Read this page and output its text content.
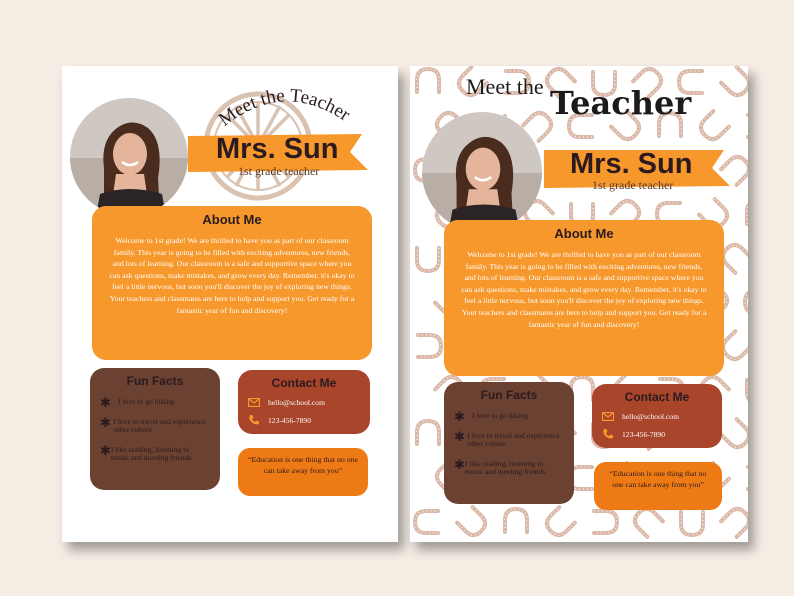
Meet the Teacher
Mrs. Sun
1st grade teacher
About Me

Welcome to 1st grade! We are thrilled to have you as part of our classroom family. This year is going to be filled with exciting adventures, new friends, and lots of learning. Our classroom is a safe and supportive space where you can ask questions, make mistakes, and grow every day. Remember, it's okay to feel a little nervous, but soon you'll discover the joy of exploring new things. Your teachers and classmates are here to help and support you. Get ready for a fantastic year of fun and discovery!

Fun Facts
✱ I love to go hiking
✱ I love to travel and experience other culture
✱ I like reading, listening to music and meeting friends
Contact Me
hello@school.com
123-456-7890
“Education is one thing that no one can take away from you”
Meet the Teacher
Mrs. Sun
1st grade teacher
About Me

Welcome to 1st grade! We are thrilled to have you as part of our classroom family. This year is going to be filled with exciting adventures, new friends, and lots of learning. Our classroom is a safe and supportive space where you can ask questions, make mistakes, and grow every day. Remember, it's okay to feel a little nervous, but soon you'll discover the joy of exploring new things. Your teachers and classmates are here to help and support you. Get ready for a fantastic year of fun and discovery!

Fun Facts
✱ I love to go hiking
✱ I love to travel and experience other culture
✱ I like reading, listening to music and meeting friends
Contact Me
hello@school.com
123-456-7890
“Education is one thing that no one can take away from you”
